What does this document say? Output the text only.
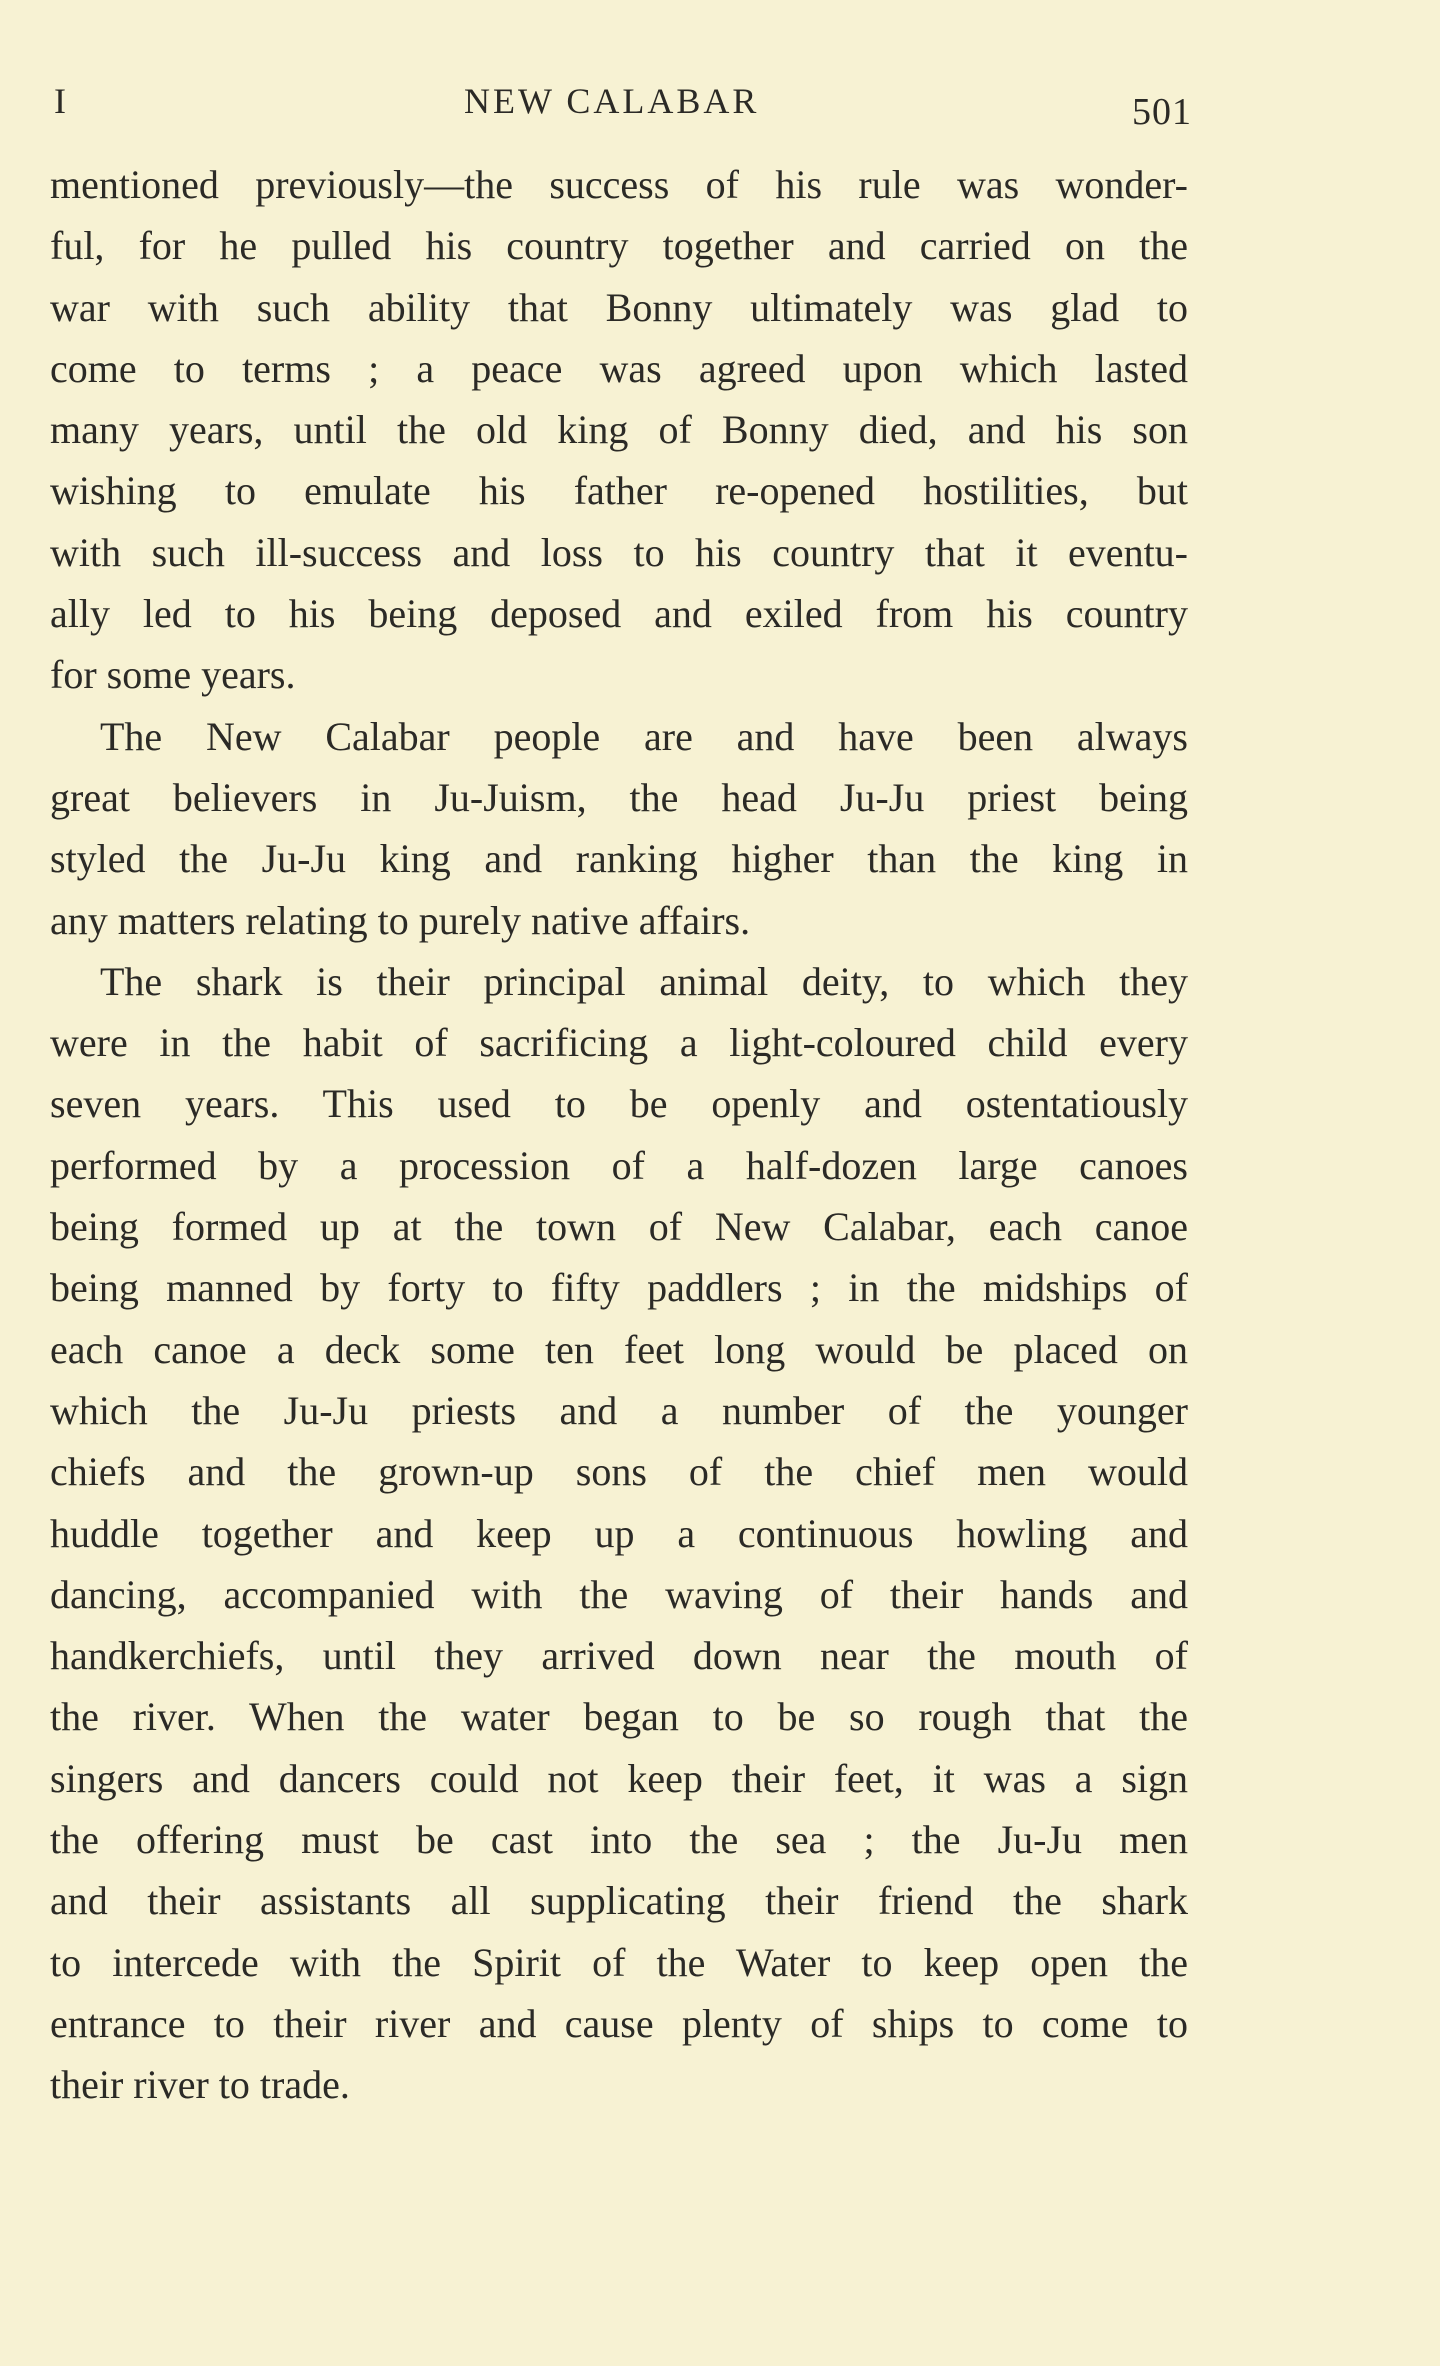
I	NEW CALABAR	501

mentioned previously—the success of his rule was wonder-
ful, for he pulled his country together and carried on the
war with such ability that Bonny ultimately was glad to
come to terms ; a peace was agreed upon which lasted
many years, until the old king of Bonny died, and his son
wishing to emulate his father re-opened hostilities, but
with such ill-success and loss to his country that it eventu-
ally led to his being deposed and exiled from his country
for some years.

The New Calabar people are and have been always
great believers in Ju-Juism, the head Ju-Ju priest being
styled the Ju-Ju king and ranking higher than the king in
any matters relating to purely native affairs.

The shark is their principal animal deity, to which they
were in the habit of sacrificing a light-coloured child every
seven years. This used to be openly and ostentatiously
performed by a procession of a half-dozen large canoes
being formed up at the town of New Calabar, each canoe
being manned by forty to fifty paddlers ; in the midships of
each canoe a deck some ten feet long would be placed on
which the Ju-Ju priests and a number of the younger
chiefs and the grown-up sons of the chief men would
huddle together and keep up a continuous howling and
dancing, accompanied with the waving of their hands and
handkerchiefs, until they arrived down near the mouth of
the river. When the water began to be so rough that the
singers and dancers could not keep their feet, it was a sign
the offering must be cast into the sea ; the Ju-Ju men
and their assistants all supplicating their friend the shark
to intercede with the Spirit of the Water to keep open the
entrance to their river and cause plenty of ships to come to
their river to trade.
